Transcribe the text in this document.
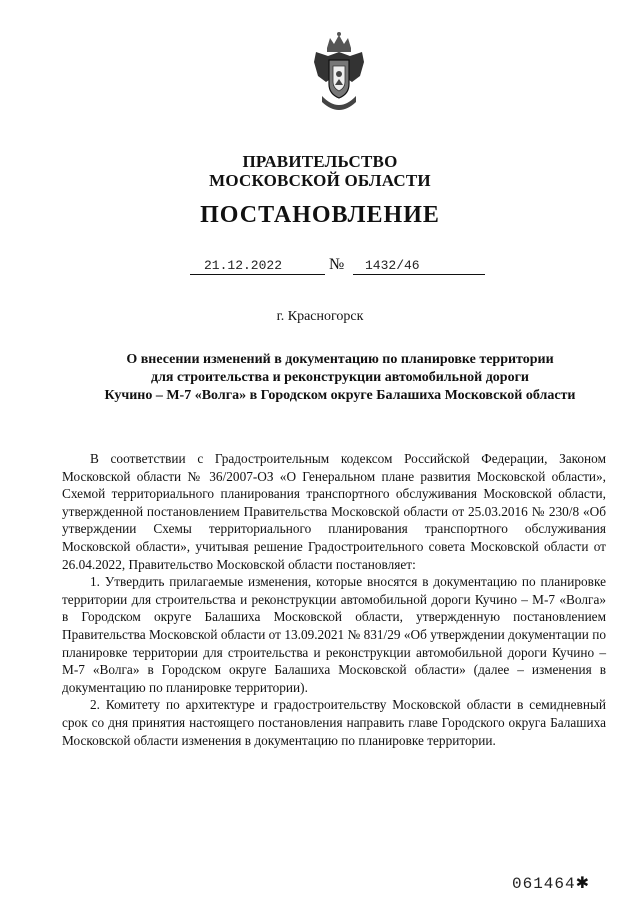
ПРАВИТЕЛЬСТВО
МОСКОВСКОЙ ОБЛАСТИ
ПОСТАНОВЛЕНИЕ
21.12.2022	№ 1432/46
г. Красногорск
О внесении изменений в документацию по планировке территории
для строительства и реконструкции автомобильной дороги
Кучино – М-7 «Волга» в Городском округе Балашиха Московской области

В соответствии с Градостроительным кодексом Российской Федерации, Законом Московской области № 36/2007-ОЗ «О Генеральном плане развития Московской области», Схемой территориального планирования транспортного обслуживания Московской области, утвержденной постановлением Правительства Московской области от 25.03.2016 № 230/8 «Об утверждении Схемы территориального планирования транспортного обслуживания Московской области», учитывая решение Градостроительного совета Московской области от 26.04.2022, Правительство Московской области постановляет:

1. Утвердить прилагаемые изменения, которые вносятся в документацию по планировке территории для строительства и реконструкции автомобильной дороги Кучино – М-7 «Волга» в Городском округе Балашиха Московской области, утвержденную постановлением Правительства Московской области от 13.09.2021 № 831/29 «Об утверждении документации по планировке территории для строительства и реконструкции автомобильной дороги Кучино – М-7 «Волга» в Городском округе Балашиха Московской области» (далее – изменения в документацию по планировке территории).

2. Комитету по архитектуре и градостроительству Московской области в семидневный срок со дня принятия настоящего постановления направить главе Городского округа Балашиха Московской области изменения в документацию по планировке территории.

061464✱
